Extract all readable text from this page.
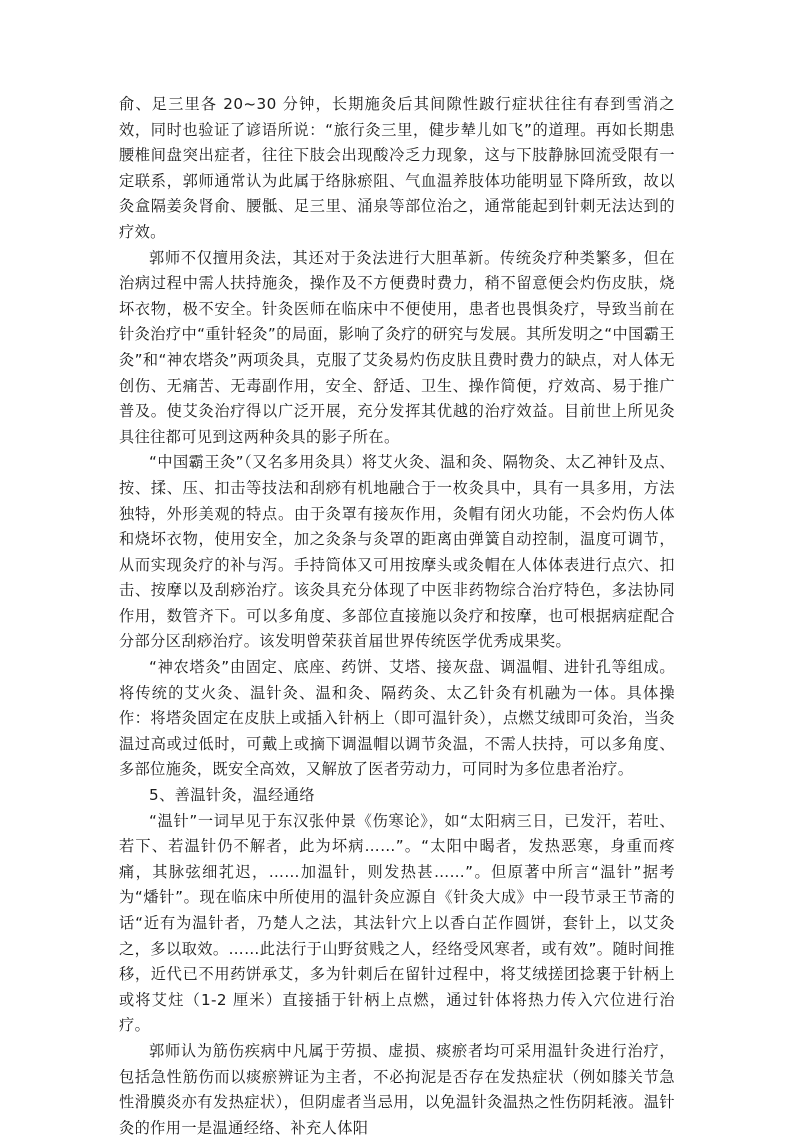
俞、足三里各 20~30 分钟，长期施灸后其间隙性跛行症状往往有春到雪消之效，同时也验证了谚语所说：“旅行灸三里，健步辇儿如飞”的道理。再如长期患腰椎间盘突出症者，往往下肢会出现酸冷乏力现象，这与下肢静脉回流受限有一定联系，郭师通常认为此属于络脉瘀阻、气血温养肢体功能明显下降所致，故以灸盒隔姜灸肾俞、腰骶、足三里、涌泉等部位治之，通常能起到针刺无法达到的疗效。

郭师不仅擅用灸法，其还对于灸法进行大胆革新。传统灸疗种类繁多，但在治病过程中需人扶持施灸，操作及不方便费时费力，稍不留意便会灼伤皮肤，烧坏衣物，极不安全。针灸医师在临床中不便使用，患者也畏惧灸疗，导致当前在针灸治疗中“重针轻灸”的局面，影响了灸疗的研究与发展。其所发明之“中国霸王灸”和“神农塔灸”两项灸具，克服了艾灸易灼伤皮肤且费时费力的缺点，对人体无创伤、无痛苦、无毒副作用，安全、舒适、卫生、操作简便，疗效高、易于推广普及。使艾灸治疗得以广泛开展，充分发挥其优越的治疗效益。目前世上所见灸具往往都可见到这两种灸具的影子所在。

“中国霸王灸”（又名多用灸具）将艾火灸、温和灸、隔物灸、太乙神针及点、按、揉、压、扣击等技法和刮痧有机地融合于一枚灸具中，具有一具多用，方法独特，外形美观的特点。由于灸罩有接灰作用，灸帽有闭火功能，不会灼伤人体和烧坏衣物，使用安全，加之灸条与灸罩的距离由弹簧自动控制，温度可调节，从而实现灸疗的补与泻。手持筒体又可用按摩头或灸帽在人体体表进行点穴、扣击、按摩以及刮痧治疗。该灸具充分体现了中医非药物综合治疗特色，多法协同作用，数管齐下。可以多角度、多部位直接施以灸疗和按摩，也可根据病症配合分部分区刮痧治疗。该发明曾荣获首届世界传统医学优秀成果奖。

“神农塔灸”由固定、底座、药饼、艾塔、接灰盘、调温帽、进针孔等组成。将传统的艾火灸、温针灸、温和灸、隔药灸、太乙针灸有机融为一体。具体操作：将塔灸固定在皮肤上或插入针柄上（即可温针灸），点燃艾绒即可灸治，当灸温过高或过低时，可戴上或摘下调温帽以调节灸温，不需人扶持，可以多角度、多部位施灸，既安全高效，又解放了医者劳动力，可同时为多位患者治疗。

5、善温针灸，温经通络

“温针”一词早见于东汉张仲景《伤寒论》，如“太阳病三日，已发汗，若吐、若下、若温针仍不解者，此为坏病……”。“太阳中暍者，发热恶寒，身重而疼痛，其脉弦细芤迟，……加温针，则发热甚……”。但原著中所言“温针”据考为“燔针”。现在临床中所使用的温针灸应源自《针灸大成》中一段节录王节斋的话“近有为温针者，乃楚人之法，其法针穴上以香白芷作圆饼，套针上，以艾灸之，多以取效。……此法行于山野贫贱之人，经络受风寒者，或有效”。随时间推移，近代已不用药饼承艾，多为针刺后在留针过程中，将艾绒搓团捻裹于针柄上或将艾炷（1-2 厘米）直接插于针柄上点燃，通过针体将热力传入穴位进行治疗。

郭师认为筋伤疾病中凡属于劳损、虚损、痰瘀者均可采用温针灸进行治疗，包括急性筋伤而以痰瘀辨证为主者，不必拘泥是否存在发热症状（例如膝关节急性滑膜炎亦有发热症状），但阴虚者当忌用，以免温针灸温热之性伤阴耗液。温针灸的作用一是温通经络、补充人体阳
